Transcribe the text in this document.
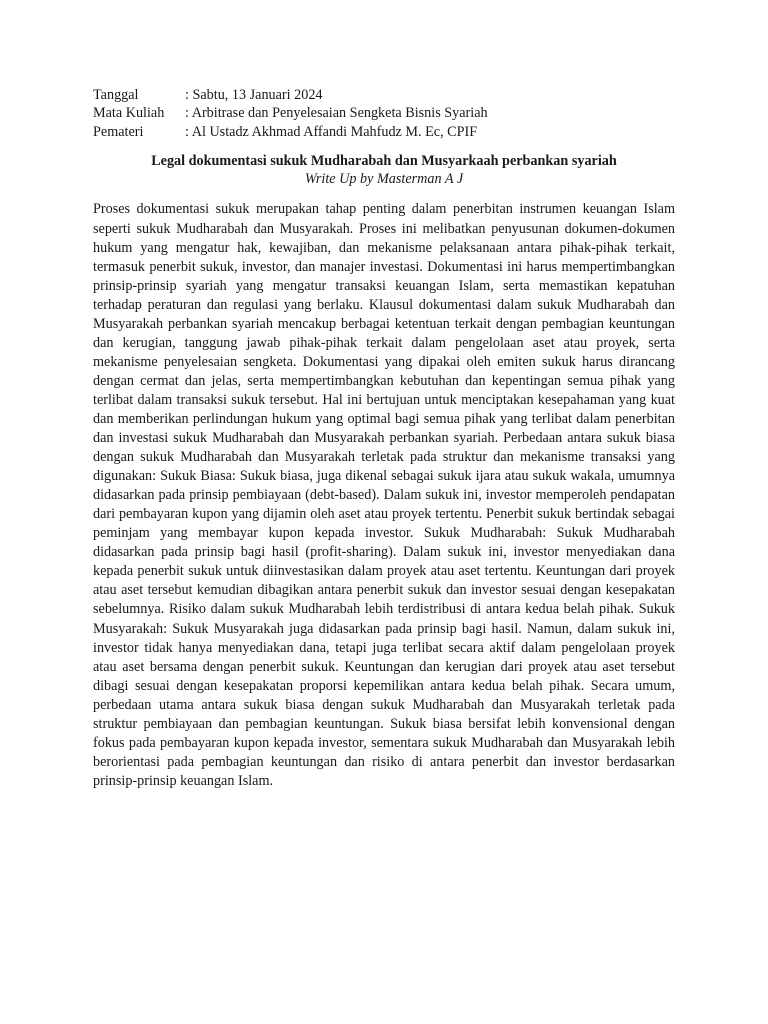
Tanggal	: Sabtu, 13 Januari 2024
Mata Kuliah	: Arbitrase dan Penyelesaian Sengketa Bisnis Syariah
Pemateri	: Al Ustadz Akhmad Affandi Mahfudz M. Ec, CPIF
Legal dokumentasi sukuk Mudharabah dan Musyarkaah perbankan syariah
Write Up by Masterman A J

Proses dokumentasi sukuk merupakan tahap penting dalam penerbitan instrumen keuangan Islam seperti sukuk Mudharabah dan Musyarakah. Proses ini melibatkan penyusunan dokumen-dokumen hukum yang mengatur hak, kewajiban, dan mekanisme pelaksanaan antara pihak-pihak terkait, termasuk penerbit sukuk, investor, dan manajer investasi. Dokumentasi ini harus mempertimbangkan prinsip-prinsip syariah yang mengatur transaksi keuangan Islam, serta memastikan kepatuhan terhadap peraturan dan regulasi yang berlaku. Klausul dokumentasi dalam sukuk Mudharabah dan Musyarakah perbankan syariah mencakup berbagai ketentuan terkait dengan pembagian keuntungan dan kerugian, tanggung jawab pihak-pihak terkait dalam pengelolaan aset atau proyek, serta mekanisme penyelesaian sengketa. Dokumentasi yang dipakai oleh emiten sukuk harus dirancang dengan cermat dan jelas, serta mempertimbangkan kebutuhan dan kepentingan semua pihak yang terlibat dalam transaksi sukuk tersebut. Hal ini bertujuan untuk menciptakan kesepahaman yang kuat dan memberikan perlindungan hukum yang optimal bagi semua pihak yang terlibat dalam penerbitan dan investasi sukuk Mudharabah dan Musyarakah perbankan syariah. Perbedaan antara sukuk biasa dengan sukuk Mudharabah dan Musyarakah terletak pada struktur dan mekanisme transaksi yang digunakan: Sukuk Biasa: Sukuk biasa, juga dikenal sebagai sukuk ijara atau sukuk wakala, umumnya didasarkan pada prinsip pembiayaan (debt-based). Dalam sukuk ini, investor memperoleh pendapatan dari pembayaran kupon yang dijamin oleh aset atau proyek tertentu. Penerbit sukuk bertindak sebagai peminjam yang membayar kupon kepada investor. Sukuk Mudharabah: Sukuk Mudharabah didasarkan pada prinsip bagi hasil (profit-sharing). Dalam sukuk ini, investor menyediakan dana kepada penerbit sukuk untuk diinvestasikan dalam proyek atau aset tertentu. Keuntungan dari proyek atau aset tersebut kemudian dibagikan antara penerbit sukuk dan investor sesuai dengan kesepakatan sebelumnya. Risiko dalam sukuk Mudharabah lebih terdistribusi di antara kedua belah pihak. Sukuk Musyarakah: Sukuk Musyarakah juga didasarkan pada prinsip bagi hasil. Namun, dalam sukuk ini, investor tidak hanya menyediakan dana, tetapi juga terlibat secara aktif dalam pengelolaan proyek atau aset bersama dengan penerbit sukuk. Keuntungan dan kerugian dari proyek atau aset tersebut dibagi sesuai dengan kesepakatan proporsi kepemilikan antara kedua belah pihak. Secara umum, perbedaan utama antara sukuk biasa dengan sukuk Mudharabah dan Musyarakah terletak pada struktur pembiayaan dan pembagian keuntungan. Sukuk biasa bersifat lebih konvensional dengan fokus pada pembayaran kupon kepada investor, sementara sukuk Mudharabah dan Musyarakah lebih berorientasi pada pembagian keuntungan dan risiko di antara penerbit dan investor berdasarkan prinsip-prinsip keuangan Islam.
